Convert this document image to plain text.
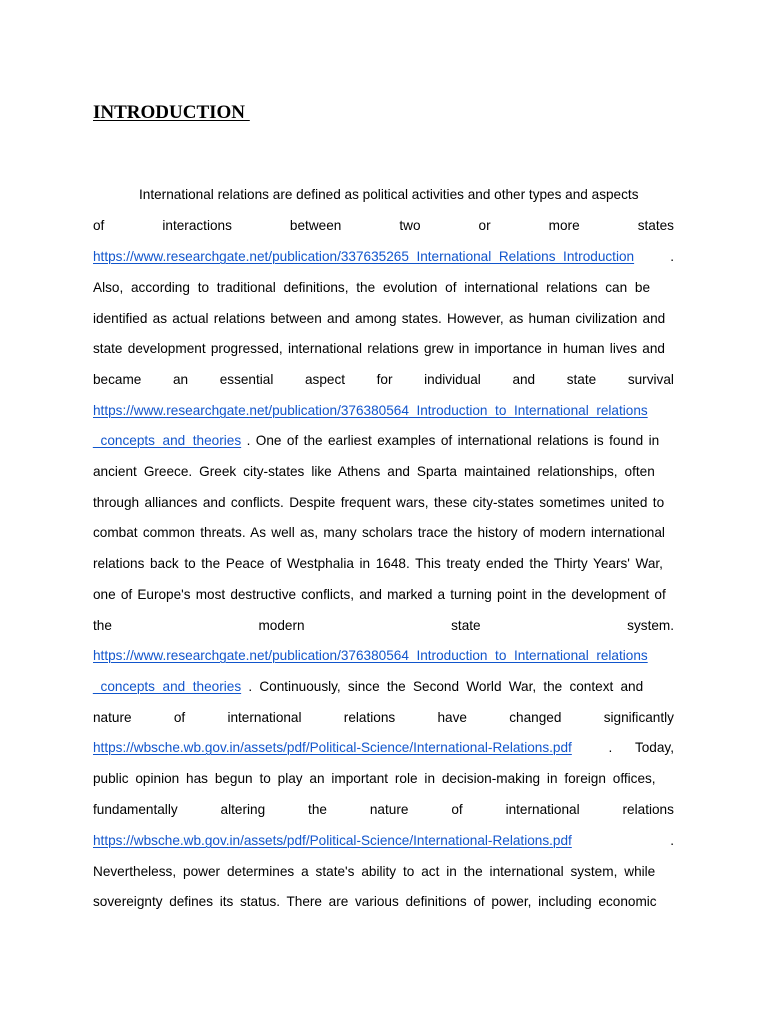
INTRODUCTION
International relations are defined as political activities and other types and aspects
of	interactions	between	two	or	more	states
https://www.researchgate.net/publication/337635265_International_Relations_Introduction	.
Also, according to traditional definitions, the evolution of international relations can be
identified as actual relations between and among states. However, as human civilization and
state development progressed, international relations grew in importance in human lives and
became an essential aspect for individual and state survival
https://www.researchgate.net/publication/376380564_Introduction_to_International_relations
_concepts_and_theories . One of the earliest examples of international relations is found in
ancient Greece. Greek city-states like Athens and Sparta maintained relationships, often
through alliances and conflicts. Despite frequent wars, these city-states sometimes united to
combat common threats. As well as, many scholars trace the history of modern international
relations back to the Peace of Westphalia in 1648. This treaty ended the Thirty Years' War,
one of Europe's most destructive conflicts, and marked a turning point in the development of
the	modern	state	system.
https://www.researchgate.net/publication/376380564_Introduction_to_International_relations
_concepts_and_theories . Continuously, since the Second World War, the context and
nature	of	international	relations	have	changed	significantly
https://wbsche.wb.gov.in/assets/pdf/Political-Science/International-Relations.pdf	. Today,
public opinion has begun to play an important role in decision-making in foreign offices,
fundamentally	altering	the	nature	of	international	relations
https://wbsche.wb.gov.in/assets/pdf/Political-Science/International-Relations.pdf	.
Nevertheless, power determines a state's ability to act in the international system, while
sovereignty defines its status. There are various definitions of power, including economic
